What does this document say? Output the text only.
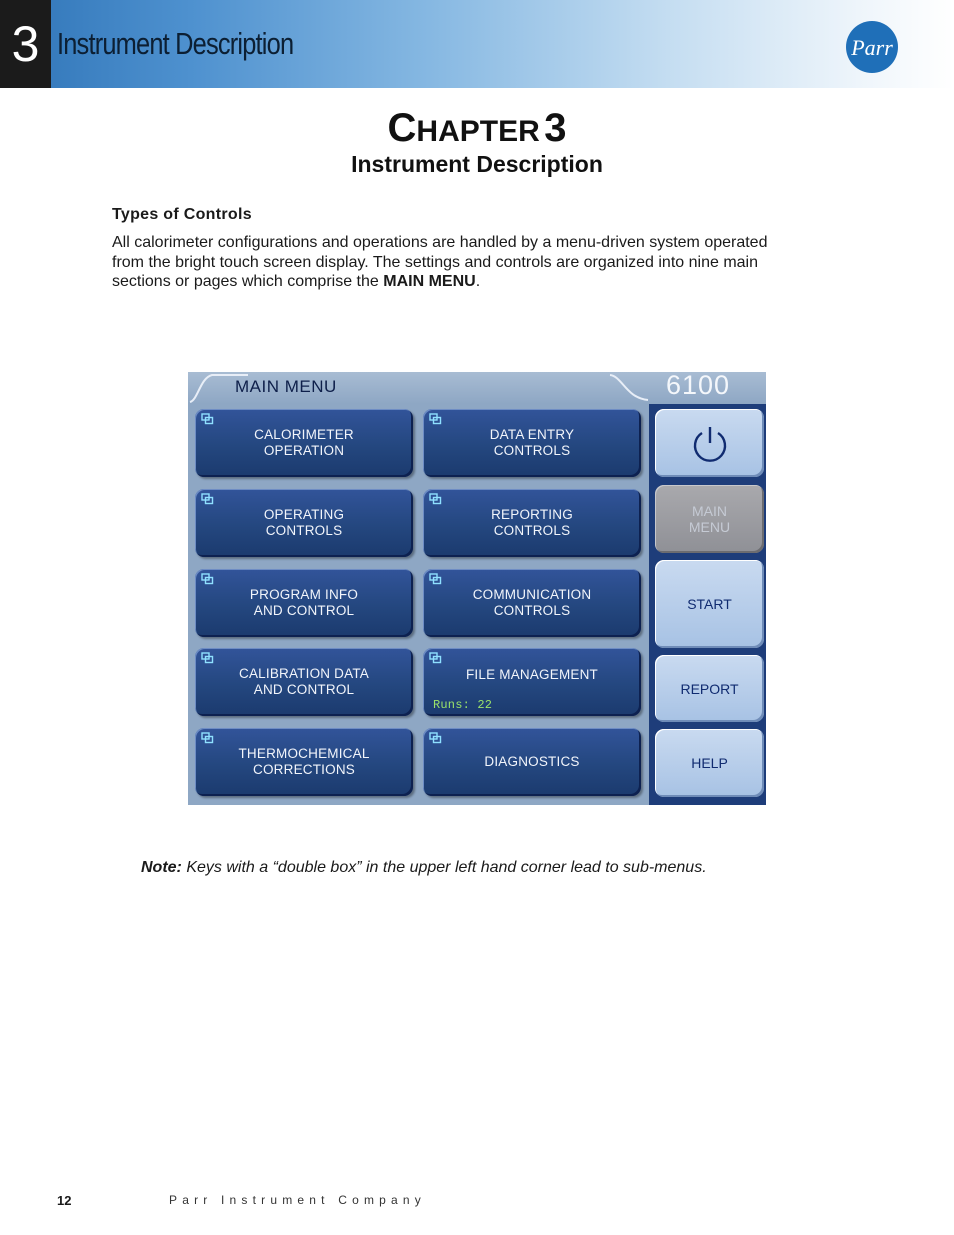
3 Instrument Description	Parr
CHAPTER 3
Instrument Description
Types of Controls
All calorimeter configurations and operations are handled by a menu-driven system operated
from the bright touch screen display. The settings and controls are organized into nine main
sections or pages which comprise the MAIN MENU.
MAIN MENU	6100
CALORIMETER
OPERATION
DATA ENTRY
CONTROLS
OPERATING
CONTROLS
REPORTING
CONTROLS
PROGRAM INFO
AND CONTROL
COMMUNICATION
CONTROLS
CALIBRATION DATA
AND CONTROL
FILE MANAGEMENT
Runs: 22
THERMOCHEMICAL
CORRECTIONS
DIAGNOSTICS
MAIN
MENU
START
REPORT
HELP
Note: Keys with a “double box” in the upper left hand corner lead to sub-menus.
12	Parr Instrument Company
